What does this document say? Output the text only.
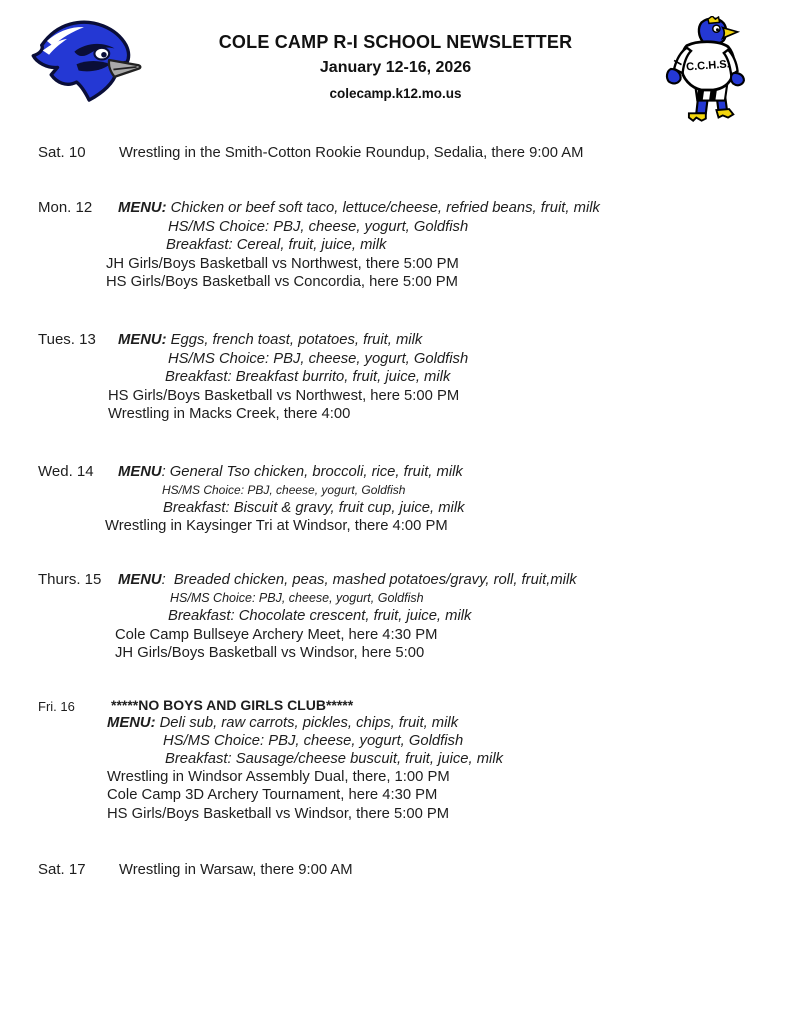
COLE CAMP R-I SCHOOL NEWSLETTER
January 12-16, 2026
colecamp.k12.mo.us
C.C.H.S.
Sat. 10 Wrestling in the Smith-Cotton Rookie Roundup, Sedalia, there 9:00 AM
Mon. 12 MENU: Chicken or beef soft taco, lettuce/cheese, refried beans, fruit, milk
HS/MS Choice: PBJ, cheese, yogurt, Goldfish
Breakfast: Cereal, fruit, juice, milk
JH Girls/Boys Basketball vs Northwest, there 5:00 PM
HS Girls/Boys Basketball vs Concordia, here 5:00 PM
Tues. 13 MENU: Eggs, french toast, potatoes, fruit, milk
HS/MS Choice: PBJ, cheese, yogurt, Goldfish
Breakfast: Breakfast burrito, fruit, juice, milk
HS Girls/Boys Basketball vs Northwest, here 5:00 PM
Wrestling in Macks Creek, there 4:00
Wed. 14 MENU: General Tso chicken, broccoli, rice, fruit, milk
HS/MS Choice: PBJ, cheese, yogurt, Goldfish
Breakfast: Biscuit & gravy, fruit cup, juice, milk
Wrestling in Kaysinger Tri at Windsor, there 4:00 PM
Thurs. 15 MENU:  Breaded chicken, peas, mashed potatoes/gravy, roll, fruit,milk
HS/MS Choice: PBJ, cheese, yogurt, Goldfish
Breakfast: Chocolate crescent, fruit, juice, milk
Cole Camp Bullseye Archery Meet, here 4:30 PM
JH Girls/Boys Basketball vs Windsor, here 5:00
Fri. 16	*****NO BOYS AND GIRLS CLUB*****
MENU: Deli sub, raw carrots, pickles, chips, fruit, milk
HS/MS Choice: PBJ, cheese, yogurt, Goldfish
Breakfast: Sausage/cheese buscuit, fruit, juice, milk
Wrestling in Windsor Assembly Dual, there, 1:00 PM
Cole Camp 3D Archery Tournament, here 4:30 PM
HS Girls/Boys Basketball vs Windsor, there 5:00 PM
Sat. 17 Wrestling in Warsaw, there 9:00 AM
